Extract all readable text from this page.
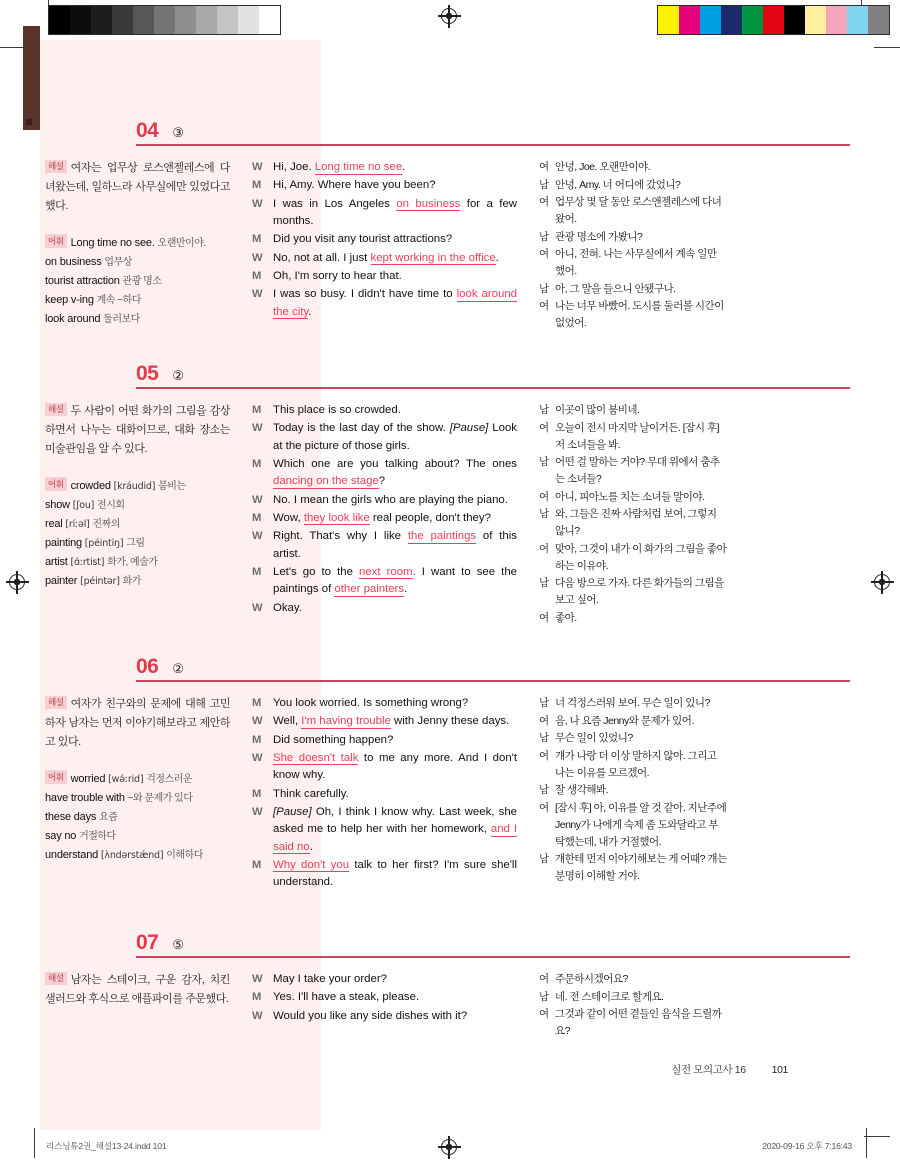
04 ③

해설 여자는 업무상 로스앤젤레스에 다녀왔는데, 일하느라 사무실에만 있었다고 했다.

어휘 Long time no see. 오랜만이야.
on business 업무상
tourist attraction 관광 명소
keep v-ing 계속 ~하다
look around 둘러보다
W Hi, Joe. Long time no see.
M	Hi, Amy. Where have you been?
W I was in Los Angeles on business for a few months.
M	Did you visit any tourist attractions?
W No, not at all. I just kept working in the office.
M	Oh, I'm sorry to hear that.
W I was so busy. I didn't have time to look around the city.
여 안녕, Joe. 오랜만이야.
남 안녕, Amy. 너 어디에 갔었니?
여 업무상 몇 달 동안 로스앤젤레스에 다녀왔어.
남 관광 명소에 가봤니?
여 아니, 전혀. 나는 사무실에서 계속 일만 했어.
남 아, 그 말을 들으니 안됐구나.
여 나는 너무 바빴어. 도시를 둘러볼 시간이 없었어.
05 ②

해설 두 사람이 어떤 화가의 그림을 감상하면서 나누는 대화이므로, 대화 장소는 미술관임을 알 수 있다.

어휘 crowded [kráudid] 붐비는
show [ʃou] 전시회
real [ríːəl] 진짜의
painting [péintiŋ] 그림
artist [ɑ́ːrtist] 화가, 예술가
painter [péintər] 화가
M	This place is so crowded.
W Today is the last day of the show. [Pause] Look at the picture of those girls.
M	Which one are you talking about? The ones dancing on the stage?
W No. I mean the girls who are playing the piano.
M	Wow, they look like real people, don't they?
W Right. That's why I like the paintings of this artist.
M	Let's go to the next room. I want to see the paintings of other painters.
W Okay.
남 이곳이 많이 붐비네.
여 오늘이 전시 마지막 날이거든. [잠시 후] 저 소녀들을 봐.
남 어떤 걸 말하는 거야? 무대 위에서 춤추는 소녀들?
여 아니, 피아노를 치는 소녀들 말이야.
남 와, 그들은 진짜 사람처럼 보여, 그렇지 않니?
여 맞아, 그것이 내가 이 화가의 그림을 좋아하는 이유야.
남 다음 방으로 가자. 다른 화가들의 그림을 보고 싶어.
여 좋아.
06 ②

해설 여자가 친구와의 문제에 대해 고민하자 남자는 먼저 이야기해보라고 제안하고 있다.

어휘 worried [wə́ːrid] 걱정스러운
have trouble with ~와 문제가 있다
these days 요즘
say no 거절하다
understand [ʌ̀ndərstǽnd] 이해하다
M	You look worried. Is something wrong?
W Well, I'm having trouble with Jenny these days.
M	Did something happen?
W She doesn't talk to me any more. And I don't know why.
M	Think carefully.
W [Pause] Oh, I think I know why. Last week, she asked me to help her with her homework, and I said no.
M	Why don't you talk to her first? I'm sure she'll understand.
남 너 걱정스러워 보여. 무슨 일이 있니?
여 음, 나 요즘 Jenny와 문제가 있어.
남 무슨 일이 있었니?
여 걔가 나랑 더 이상 말하지 않아. 그리고 나는 이유를 모르겠어.
남 잘 생각해봐.
여 [잠시 후] 아, 이유를 알 것 같아. 지난주에 Jenny가 나에게 숙제 좀 도와달라고 부탁했는데, 내가 거절했어.
남 걔한테 먼저 이야기해보는 게 어때? 걔는 분명히 이해할 거야.
07 ⑤

해설 남자는 스테이크, 구운 감자, 치킨 샐러드와 후식으로 애플파이를 주문했다.

W May I take your order?
M	Yes. I'll have a steak, please.
W Would you like any side dishes with it?
여 주문하시겠어요?
남 네. 전 스테이크로 할게요.
여 그것과 같이 어떤 곁들인 음식을 드릴까요?
실전 모의고사 16 101
리스닝튜2권_해설13-24.indd 101	2020-09-16 오후 7:16:43
